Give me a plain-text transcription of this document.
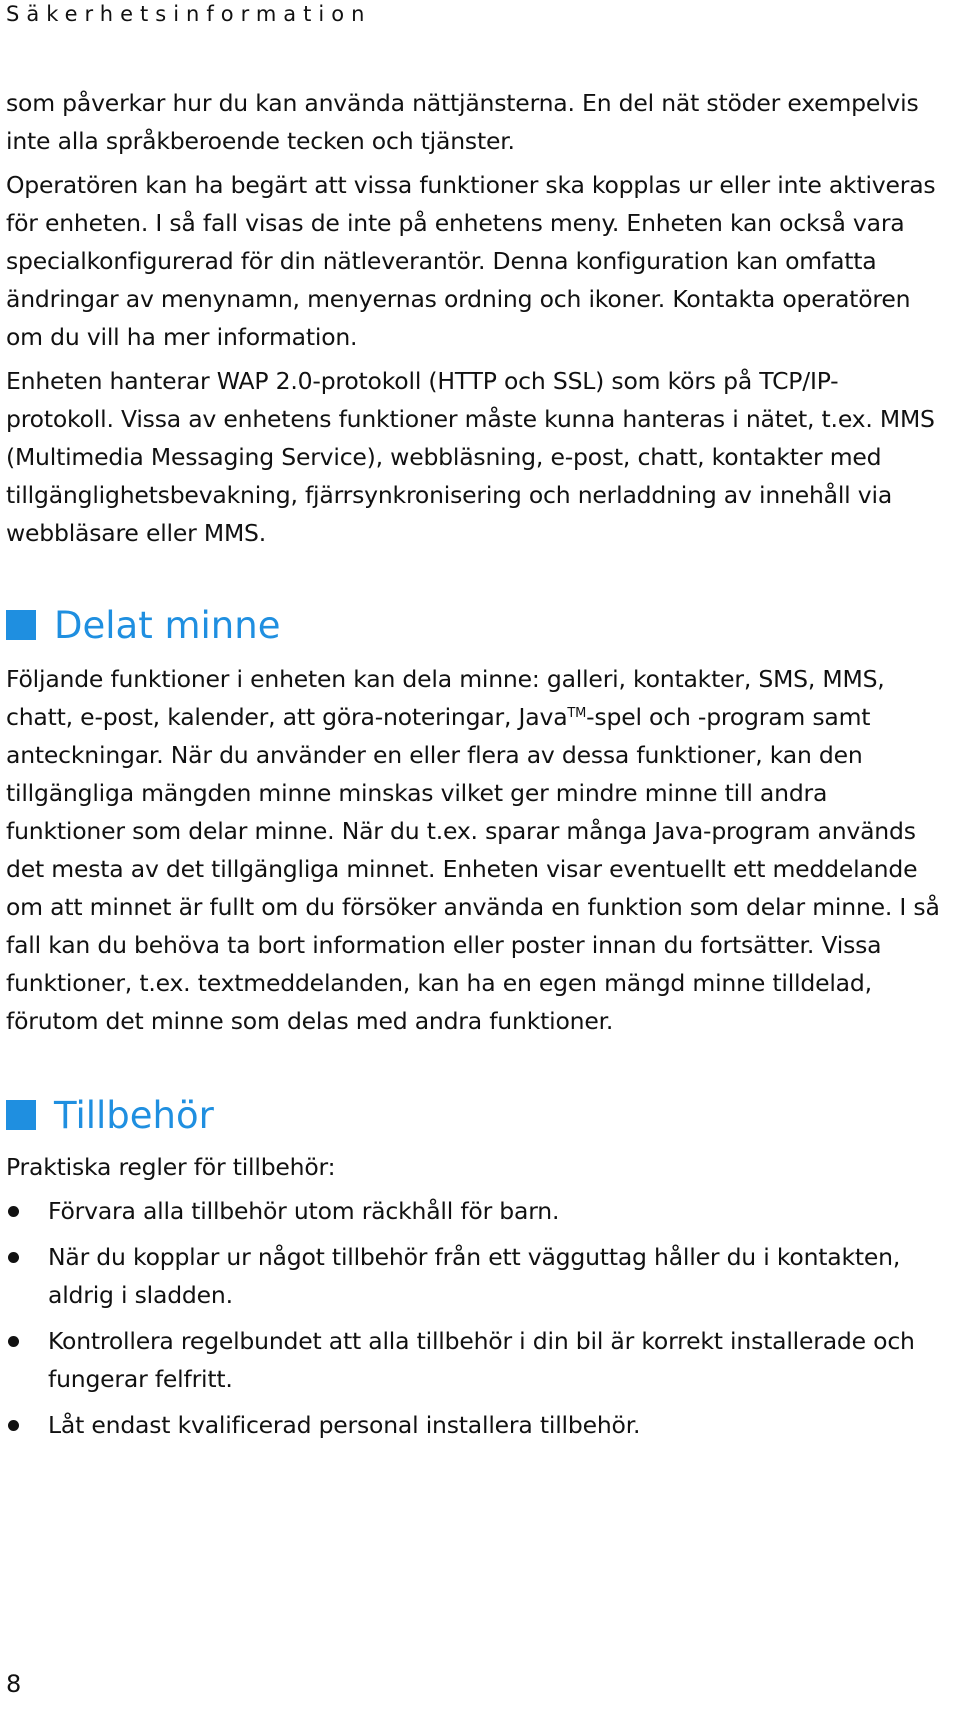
Säkerhetsinformation

som påverkar hur du kan använda nättjänsterna. En del nät stöder exempelvis inte alla språkberoende tecken och tjänster.

Operatören kan ha begärt att vissa funktioner ska kopplas ur eller inte aktiveras för enheten. I så fall visas de inte på enhetens meny. Enheten kan också vara specialkonfigurerad för din nätleverantör. Denna konfiguration kan omfatta ändringar av menynamn, menyernas ordning och ikoner. Kontakta operatören om du vill ha mer information.

Enheten hanterar WAP 2.0-protokoll (HTTP och SSL) som körs på TCP/IP-protokoll. Vissa av enhetens funktioner måste kunna hanteras i nätet, t.ex. MMS (Multimedia Messaging Service), webbläsning, e-post, chatt, kontakter med tillgänglighetsbevakning, fjärrsynkronisering och nerladdning av innehåll via webbläsare eller MMS.

Delat minne

Följande funktioner i enheten kan dela minne: galleri, kontakter, SMS, MMS, chatt, e-post, kalender, att göra-noteringar, Java™-spel och -program samt anteckningar. När du använder en eller flera av dessa funktioner, kan den tillgängliga mängden minne minskas vilket ger mindre minne till andra funktioner som delar minne. När du t.ex. sparar många Java-program används det mesta av det tillgängliga minnet. Enheten visar eventuellt ett meddelande om att minnet är fullt om du försöker använda en funktion som delar minne. I så fall kan du behöva ta bort information eller poster innan du fortsätter. Vissa funktioner, t.ex. textmeddelanden, kan ha en egen mängd minne tilldelad, förutom det minne som delas med andra funktioner.

Tillbehör

Praktiska regler för tillbehör:

Förvara alla tillbehör utom räckhåll för barn.
När du kopplar ur något tillbehör från ett vägguttag håller du i kontakten, aldrig i sladden.
Kontrollera regelbundet att alla tillbehör i din bil är korrekt installerade och fungerar felfritt.
Låt endast kvalificerad personal installera tillbehör.
8
